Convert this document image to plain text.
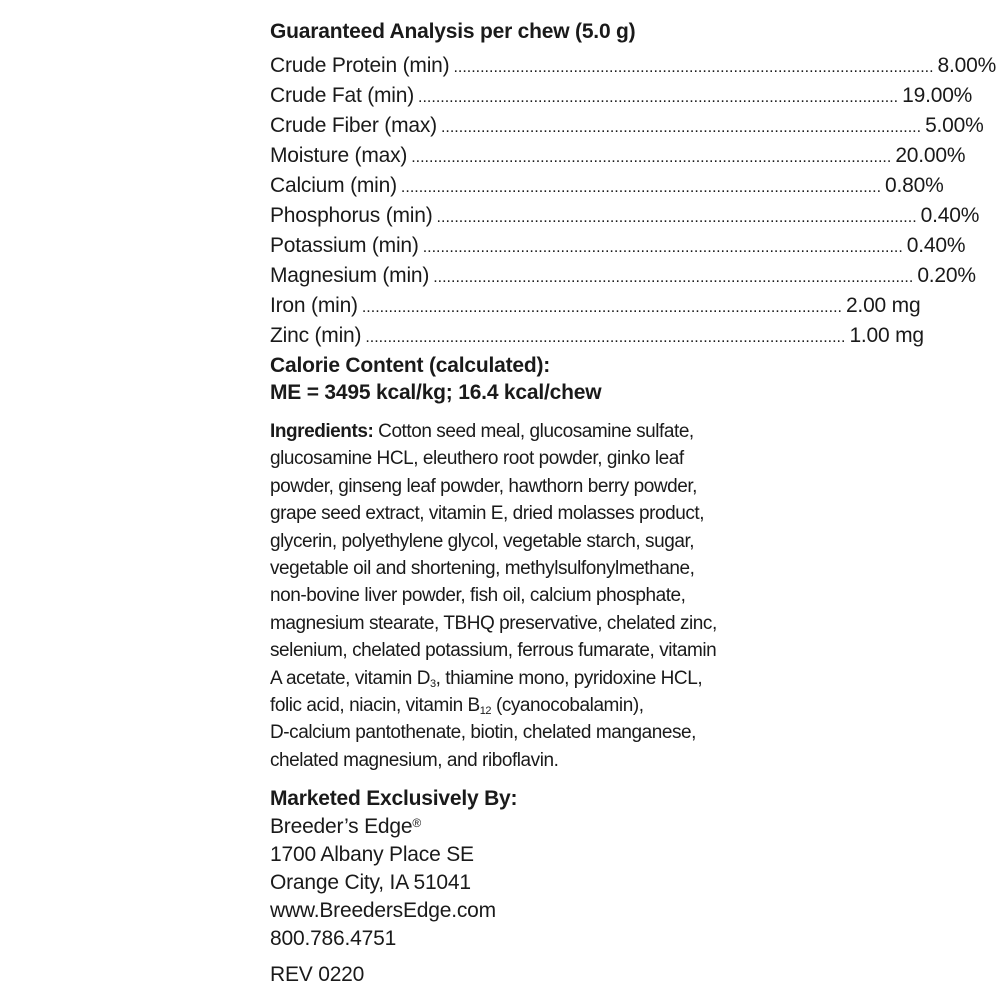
Guaranteed Analysis per chew (5.0 g)
Crude Protein (min) ............................................................................................................ 8.00%
Crude Fat (min) ............................................................................................................ 19.00%
Crude Fiber (max) ............................................................................................................ 5.00%
Moisture (max) ............................................................................................................ 20.00%
Calcium (min) ............................................................................................................ 0.80%
Phosphorus (min) ............................................................................................................ 0.40%
Potassium (min) ............................................................................................................ 0.40%
Magnesium (min) ............................................................................................................ 0.20%
Iron (min) ............................................................................................................ 2.00 mg
Zinc (min) ............................................................................................................ 1.00 mg
Calorie Content (calculated):
ME = 3495 kcal/kg; 16.4 kcal/chew
Ingredients: Cotton seed meal, glucosamine sulfate,
glucosamine HCL, eleuthero root powder, ginko leaf
powder, ginseng leaf powder, hawthorn berry powder,
grape seed extract, vitamin E, dried molasses product,
glycerin, polyethylene glycol, vegetable starch, sugar,
vegetable oil and shortening, methylsulfonylmethane,
non-bovine liver powder, fish oil, calcium phosphate,
magnesium stearate, TBHQ preservative, chelated zinc,
selenium, chelated potassium, ferrous fumarate, vitamin
A acetate, vitamin $D_3$, thiamine mono, pyridoxine HCL,
folic acid, niacin, vitamin $B_{12}$ (cyanocobalamin),
D-calcium pantothenate, biotin, chelated manganese,
chelated magnesium, and riboflavin.
Marketed Exclusively By:
Breeder’s Edge®
1700 Albany Place SE
Orange City, IA 51041
www.BreedersEdge.com
800.786.4751
REV 0220
